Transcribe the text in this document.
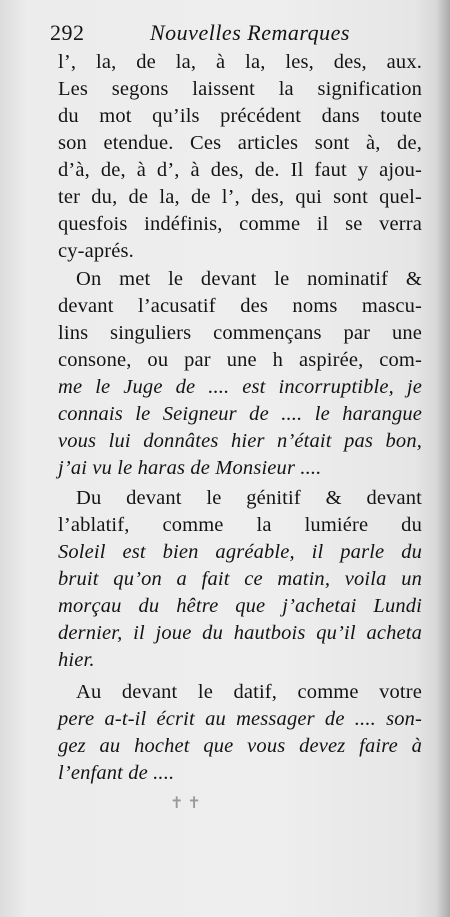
292	Nouvelles Remarques
l’, la, de la, à la, les, des, aux.
Les segons laissent la signification
du mot qu’ils précédent dans toute
son etendue. Ces articles sont à, de,
d’à, de, à d’, à des, de. Il faut y ajou-
ter du, de la, de l’, des, qui sont quel-
quesfois indéfinis, comme il se verra
cy-aprés.
On met le devant le nominatif &
devant l’acusatif des noms mascu-
lins singuliers commençans par une
consone, ou par une h aspirée, com-
me le Juge de .... est incorruptible, je
connais le Seigneur de .... le harangue
vous lui donnâtes hier n’était pas bon,
j’ai vu le haras de Monsieur ....
Du devant le génitif & devant
l’ablatif, comme la lumiére du
Soleil est bien agréable, il parle du
bruit qu’on a fait ce matin, voila un
morçau du hêtre que j’achetai Lundi
dernier, il joue du hautbois qu’il acheta
hier.
Au devant le datif, comme votre
pere a-t-il écrit au messager de .... son-
gez au hochet que vous devez faire à
l’enfant de ....
✝ ✝
